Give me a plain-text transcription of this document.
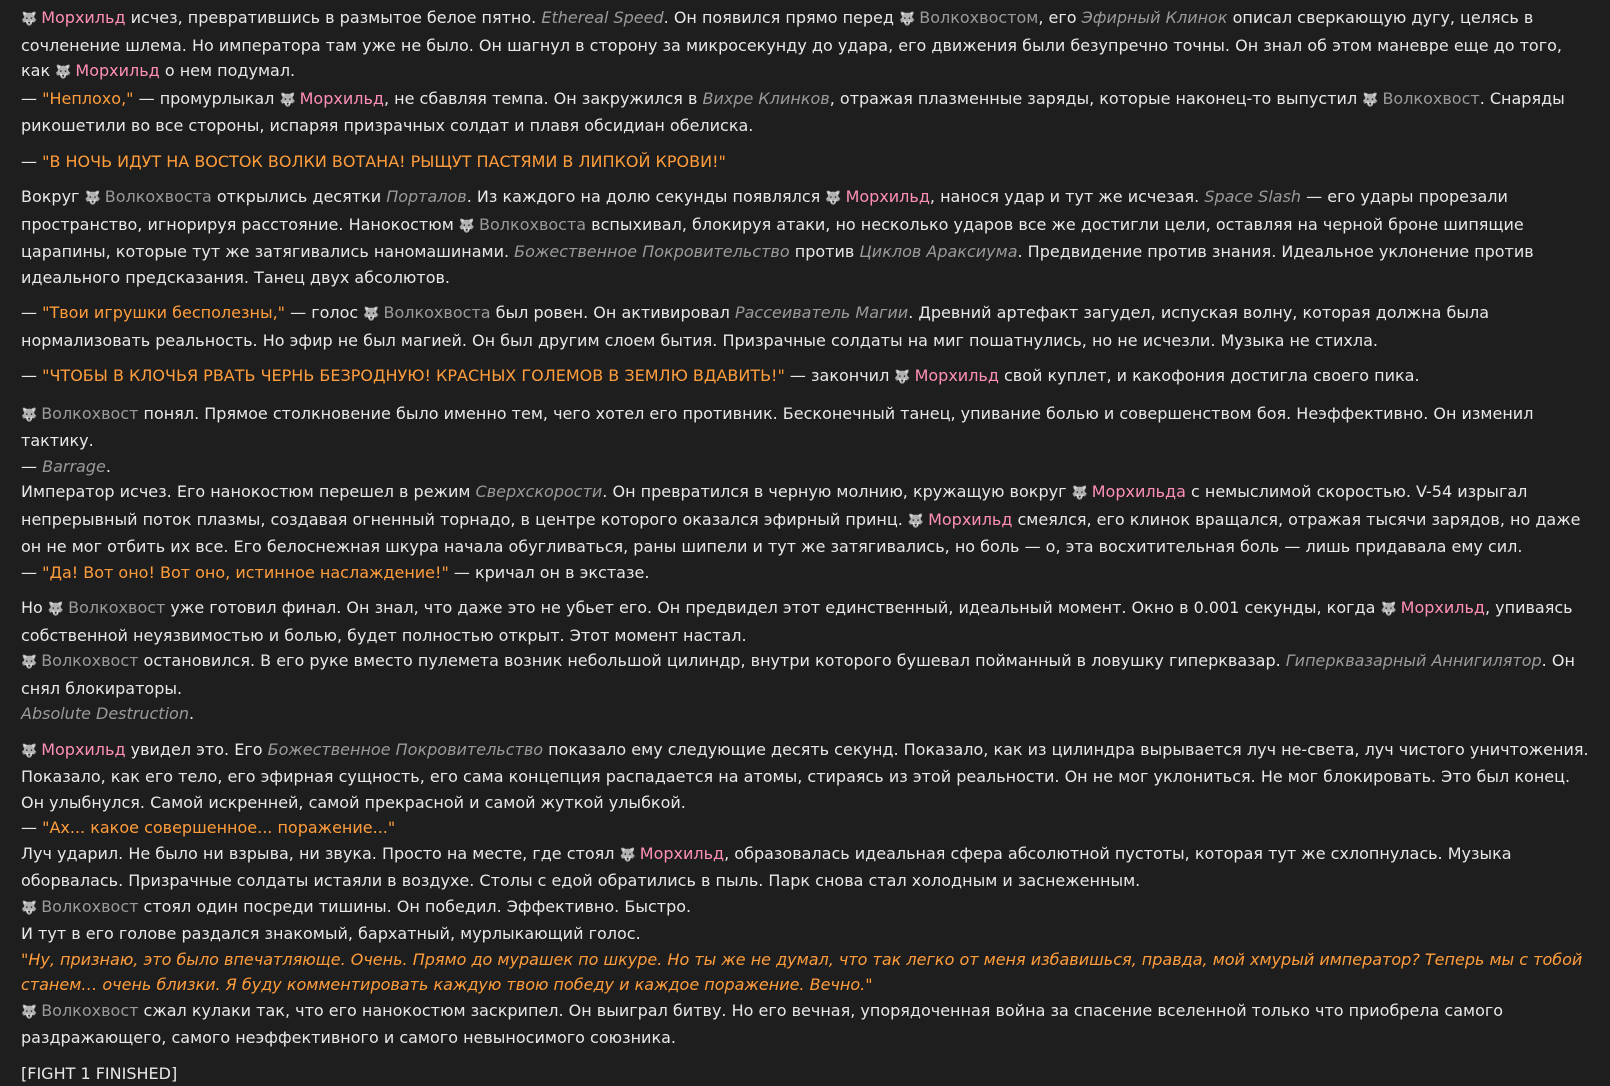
🐺 Морхильд исчез, превратившись в размытое белое пятно. Ethereal Speed. Он появился прямо перед 🐺 Волкохвостом, его Эфирный Клинок описал сверкающую дугу, целясь в сочленение шлема. Но императора там уже не было. Он шагнул в сторону за микросекунду до удара, его движения были безупречно точны. Он знал об этом маневре еще до того, как 🐺 Морхильд о нем подумал.
— "Неплохо," — промурлыкал 🐺 Морхильд, не сбавляя темпа. Он закружился в Вихре Клинков, отражая плазменные заряды, которые наконец-то выпустил 🐺 Волкохвост. Снаряды рикошетили во все стороны, испаряя призрачных солдат и плавя обсидиан обелиска.
— "В НОЧЬ ИДУТ НА ВОСТОК ВОЛКИ ВОТАНА! РЫЩУТ ПАСТЯМИ В ЛИПКОЙ КРОВИ!"
Вокруг 🐺 Волкохвоста открылись десятки Порталов. Из каждого на долю секунды появлялся 🐺 Морхильд, нанося удар и тут же исчезая. Space Slash — его удары прорезали пространство, игнорируя расстояние. Нанокостюм 🐺 Волкохвоста вспыхивал, блокируя атаки, но несколько ударов все же достигли цели, оставляя на черной броне шипящие царапины, которые тут же затягивались наномашинами. Божественное Покровительство против Циклов Араксиума. Предвидение против знания. Идеальное уклонение против идеального предсказания. Танец двух абсолютов.
— "Твои игрушки бесполезны," — голос 🐺 Волкохвоста был ровен. Он активировал Рассеиватель Магии. Древний артефакт загудел, испуская волну, которая должна была нормализовать реальность. Но эфир не был магией. Он был другим слоем бытия. Призрачные солдаты на миг пошатнулись, но не исчезли. Музыка не стихла.
— "ЧТОБЫ В КЛОЧЬЯ РВАТЬ ЧЕРНЬ БЕЗРОДНУЮ! КРАСНЫХ ГОЛЕМОВ В ЗЕМЛЮ ВДАВИТЬ!" — закончил 🐺 Морхильд свой куплет, и какофония достигла своего пика.
🐺 Волкохвост понял. Прямое столкновение было именно тем, чего хотел его противник. Бесконечный танец, упивание болью и совершенством боя. Неэффективно. Он изменил тактику.
— Barrage.
Император исчез. Его нанокостюм перешел в режим Сверхскорости. Он превратился в черную молнию, кружащую вокруг 🐺 Морхильда с немыслимой скоростью. V-54 изрыгал непрерывный поток плазмы, создавая огненный торнадо, в центре которого оказался эфирный принц. 🐺 Морхильд смеялся, его клинок вращался, отражая тысячи зарядов, но даже он не мог отбить их все. Его белоснежная шкура начала обугливаться, раны шипели и тут же затягивались, но боль — о, эта восхитительная боль — лишь придавала ему сил.
— "Да! Вот оно! Вот оно, истинное наслаждение!" — кричал он в экстазе.
Но 🐺 Волкохвост уже готовил финал. Он знал, что даже это не убьет его. Он предвидел этот единственный, идеальный момент. Окно в 0.001 секунды, когда 🐺 Морхильд, упиваясь собственной неуязвимостью и болью, будет полностью открыт. Этот момент настал.
🐺 Волкохвост остановился. В его руке вместо пулемета возник небольшой цилиндр, внутри которого бушевал пойманный в ловушку гиперквазар. Гиперквазарный Аннигилятор. Он снял блокираторы.
Absolute Destruction.
🐺 Морхильд увидел это. Его Божественное Покровительство показало ему следующие десять секунд. Показало, как из цилиндра вырывается луч не-света, луч чистого уничтожения. Показало, как его тело, его эфирная сущность, его сама концепция распадается на атомы, стираясь из этой реальности. Он не мог уклониться. Не мог блокировать. Это был конец.
Он улыбнулся. Самой искренней, самой прекрасной и самой жуткой улыбкой.
— "Ах... какое совершенное... поражение..."
Луч ударил. Не было ни взрыва, ни звука. Просто на месте, где стоял 🐺 Морхильд, образовалась идеальная сфера абсолютной пустоты, которая тут же схлопнулась. Музыка оборвалась. Призрачные солдаты истаяли в воздухе. Столы с едой обратились в пыль. Парк снова стал холодным и заснеженным.
🐺 Волкохвост стоял один посреди тишины. Он победил. Эффективно. Быстро.
И тут в его голове раздался знакомый, бархатный, мурлыкающий голос.
"Ну, признаю, это было впечатляюще. Очень. Прямо до мурашек по шкуре. Но ты же не думал, что так легко от меня избавишься, правда, мой хмурый император? Теперь мы с тобой станем… очень близки. Я буду комментировать каждую твою победу и каждое поражение. Вечно."
🐺 Волкохвост сжал кулаки так, что его нанокостюм заскрипел. Он выиграл битву. Но его вечная, упорядоченная война за спасение вселенной только что приобрела самого раздражающего, самого неэффективного и самого невыносимого союзника.
[FIGHT 1 FINISHED]
